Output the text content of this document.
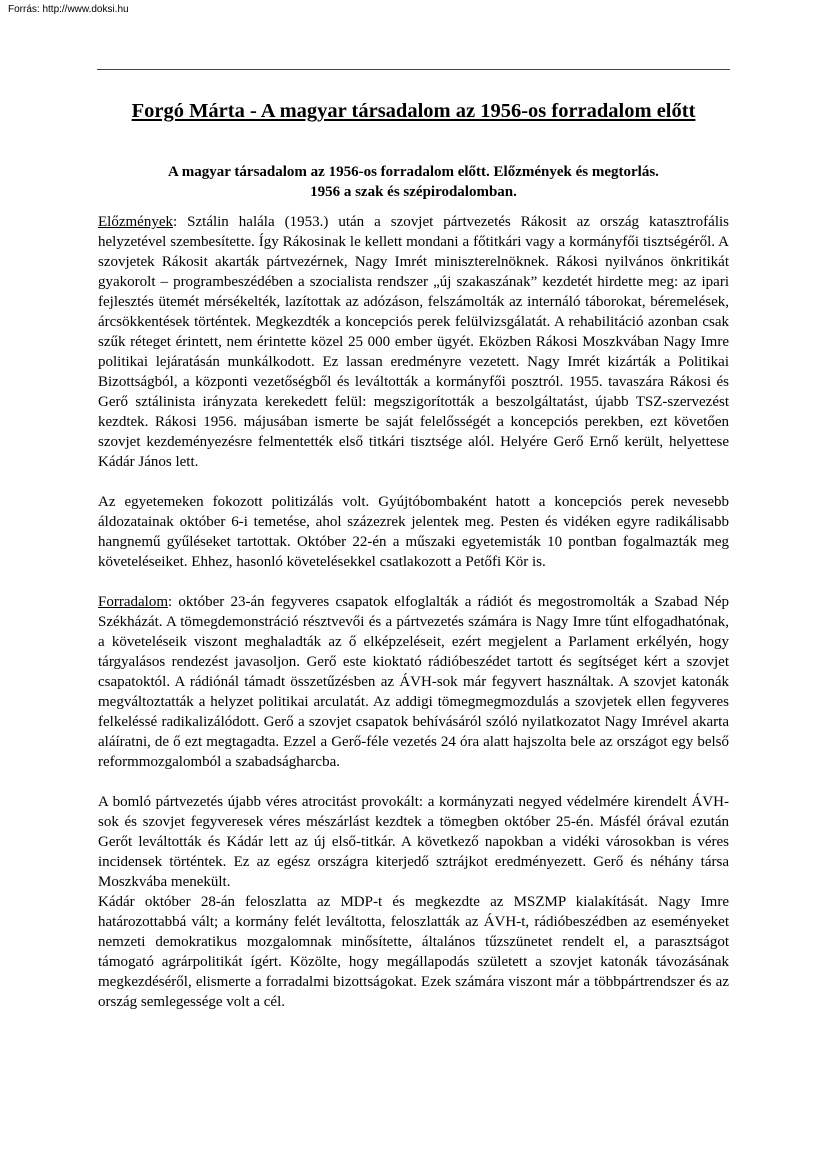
Forrás: http://www.doksi.hu
Forgó Márta - A magyar társadalom az 1956-os forradalom előtt
A magyar társadalom az 1956-os forradalom előtt. Előzmények és megtorlás.
1956 a szak és szépirodalomban.

Előzmények: Sztálin halála (1953.) után a szovjet pártvezetés Rákosit az ország katasztrofális helyzetével szembesítette. Így Rákosinak le kellett mondani a főtitkári vagy a kormányfői tisztségéről. A szovjetek Rákosit akarták pártvezérnek, Nagy Imrét miniszterelnöknek. Rákosi nyilvános önkritikát gyakorolt – programbeszédében a szocialista rendszer „új szakaszának” kezdetét hirdette meg: az ipari fejlesztés ütemét mérsékelték, lazítottak az adózáson, felszámolták az internáló táborokat, béremelések, árcsökkentések történtek. Megkezdték a koncepciós perek felülvizsgálatát. A rehabilitáció azonban csak szűk réteget érintett, nem érintette közel 25 000 ember ügyét. Eközben Rákosi Moszkvában Nagy Imre politikai lejáratásán munkálkodott. Ez lassan eredményre vezetett. Nagy Imrét kizárták a Politikai Bizottságból, a központi vezetőségből és leváltották a kormányfői posztról. 1955. tavaszára Rákosi és Gerő sztálinista irányzata kerekedett felül: megszigorították a beszolgáltatást, újabb TSZ-szervezést kezdtek. Rákosi 1956. májusában ismerte be saját felelősségét a koncepciós perekben, ezt követően szovjet kezdeményezésre felmentették első titkári tisztsége alól. Helyére Gerő Ernő került, helyettese Kádár János lett.

Az egyetemeken fokozott politizálás volt. Gyújtóbombaként hatott a koncepciós perek nevesebb áldozatainak október 6-i temetése, ahol százezrek jelentek meg. Pesten és vidéken egyre radikálisabb hangnemű gyűléseket tartottak. Október 22-én a műszaki egyetemisták 10 pontban fogalmazták meg követeléseiket. Ehhez, hasonló követelésekkel csatlakozott a Petőfi Kör is.

Forradalom: október 23-án fegyveres csapatok elfoglalták a rádiót és megostromolták a Szabad Nép Székházát. A tömegdemonstráció résztvevői és a pártvezetés számára is Nagy Imre tűnt elfogadhatónak, a követeléseik viszont meghaladták az ő elképzeléseit, ezért megjelent a Parlament erkélyén, hogy tárgyalásos rendezést javasoljon. Gerő este kioktató rádióbeszédet tartott és segítséget kért a szovjet csapatoktól. A rádiónál támadt összetűzésben az ÁVH-sok már fegyvert használtak. A szovjet katonák megváltoztatták a helyzet politikai arculatát. Az addigi tömegmegmozdulás a szovjetek ellen fegyveres felkeléssé radikalizálódott. Gerő a szovjet csapatok behívásáról szóló nyilatkozatot Nagy Imrével akarta aláíratni, de ő ezt megtagadta. Ezzel a Gerő-féle vezetés 24 óra alatt hajszolta bele az országot egy belső reformmozgalomból a szabadságharcba.

A bomló pártvezetés újabb véres atrocitást provokált: a kormányzati negyed védelmére kirendelt ÁVH-sok és szovjet fegyveresek véres mészárlást kezdtek a tömegben október 25-én. Másfél órával ezután Gerőt leváltották és Kádár lett az új első-titkár. A következő napokban a vidéki városokban is véres incidensek történtek. Ez az egész országra kiterjedő sztrájkot eredményezett. Gerő és néhány társa Moszkvába menekült.

Kádár október 28-án feloszlatta az MDP-t és megkezdte az MSZMP kialakítását. Nagy Imre határozottabbá vált; a kormány felét leváltotta, feloszlatták az ÁVH-t, rádióbeszédben az eseményeket nemzeti demokratikus mozgalomnak minősítette, általános tűzszünetet rendelt el, a parasztságot támogató agrárpolitikát ígért. Közölte, hogy megállapodás született a szovjet katonák távozásának megkezdéséről, elismerte a forradalmi bizottságokat. Ezek számára viszont már a többpártrendszer és az ország semlegessége volt a cél.
